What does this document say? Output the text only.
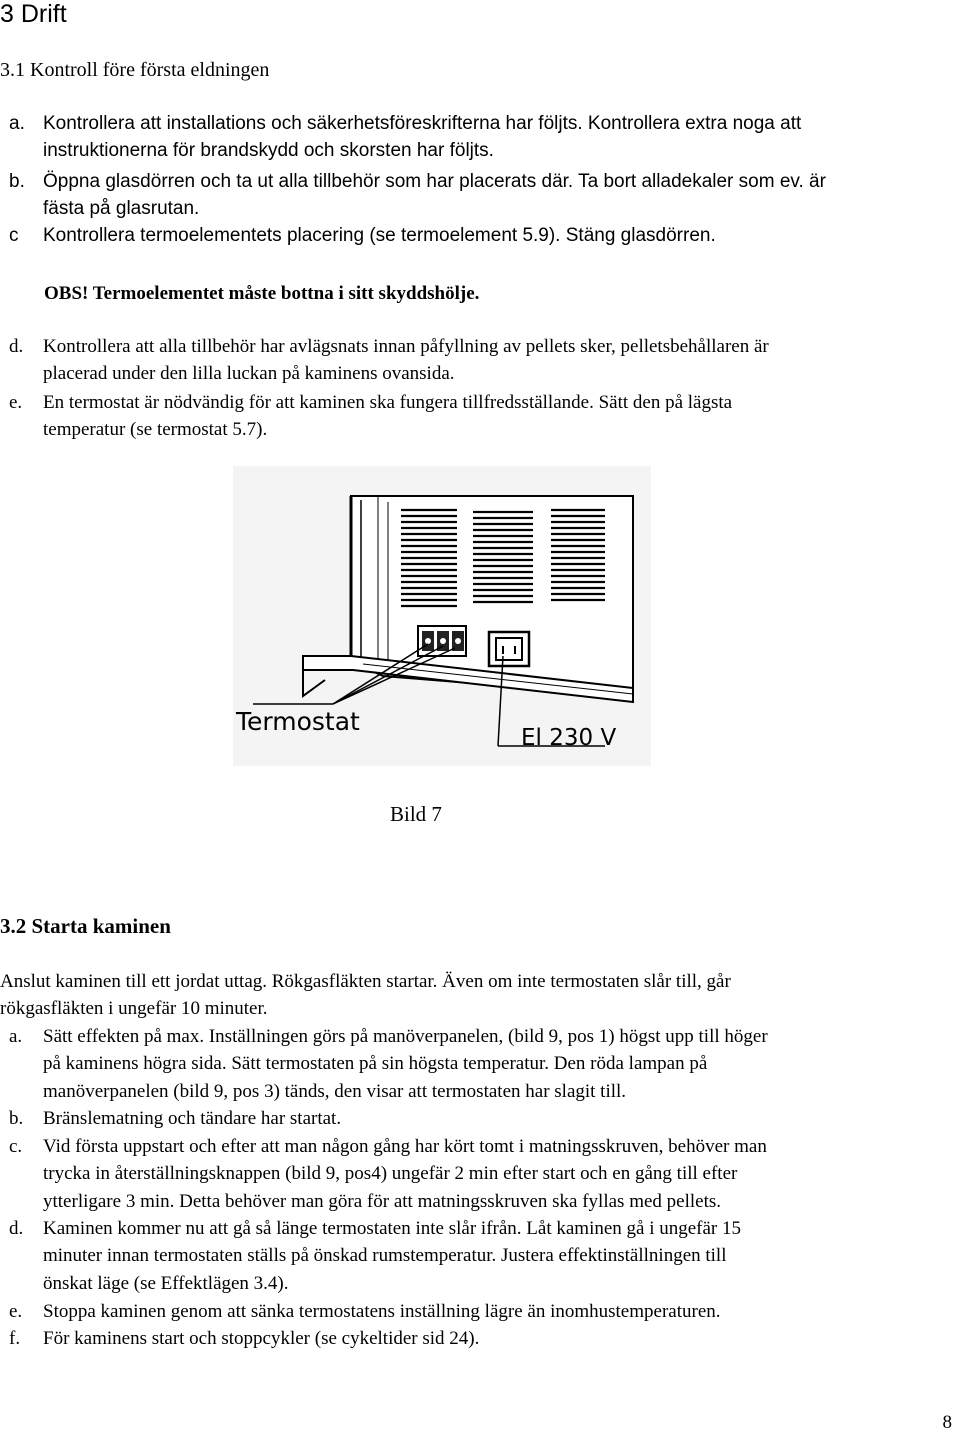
3 Drift
3.1 Kontroll före första eldningen
a. Kontrollera att installations och säkerhetsföreskrifterna har följts. Kontrollera extra noga att
instruktionerna för brandskydd och skorsten har följts.
b. Öppna glasdörren och ta ut alla tillbehör som har placerats där. Ta bort alladekaler som ev. är
fästa på glasrutan.
c Kontrollera termoelementets placering (se termoelement 5.9). Stäng glasdörren.
OBS! Termoelementet måste bottna i sitt skyddshölje.
d. Kontrollera att alla tillbehör har avlägsnats innan påfyllning av pellets sker, pelletsbehållaren är
placerad under den lilla luckan på kaminens ovansida.
e. En termostat är nödvändig för att kaminen ska fungera tillfredsställande. Sätt den på lägsta
temperatur (se termostat 5.7).
Termostat
El 230 V
Bild 7
3.2 Starta kaminen
Anslut kaminen till ett jordat uttag. Rökgasfläkten startar. Även om inte termostaten slår till, går
rökgasfläkten i ungefär 10 minuter.
a. Sätt effekten på max. Inställningen görs på manöverpanelen, (bild 9, pos 1) högst upp till höger
på kaminens högra sida. Sätt termostaten på sin högsta temperatur. Den röda lampan på
manöverpanelen (bild 9, pos 3) tänds, den visar att termostaten har slagit till.
b. Bränslematning och tändare har startat.
c. Vid första uppstart och efter att man någon gång har kört tomt i matningsskruven, behöver man
trycka in återställningsknappen (bild 9, pos4) ungefär 2 min efter start och en gång till efter
ytterligare 3 min. Detta behöver man göra för att matningsskruven ska fyllas med pellets.
d. Kaminen kommer nu att gå så länge termostaten inte slår ifrån. Låt kaminen gå i ungefär 15
minuter innan termostaten ställs på önskad rumstemperatur. Justera effektinställningen till
önskat läge (se Effektlägen 3.4).
e. Stoppa kaminen genom att sänka termostatens inställning lägre än inomhustemperaturen.
f. För kaminens start och stoppcykler (se cykeltider sid 24).
8
